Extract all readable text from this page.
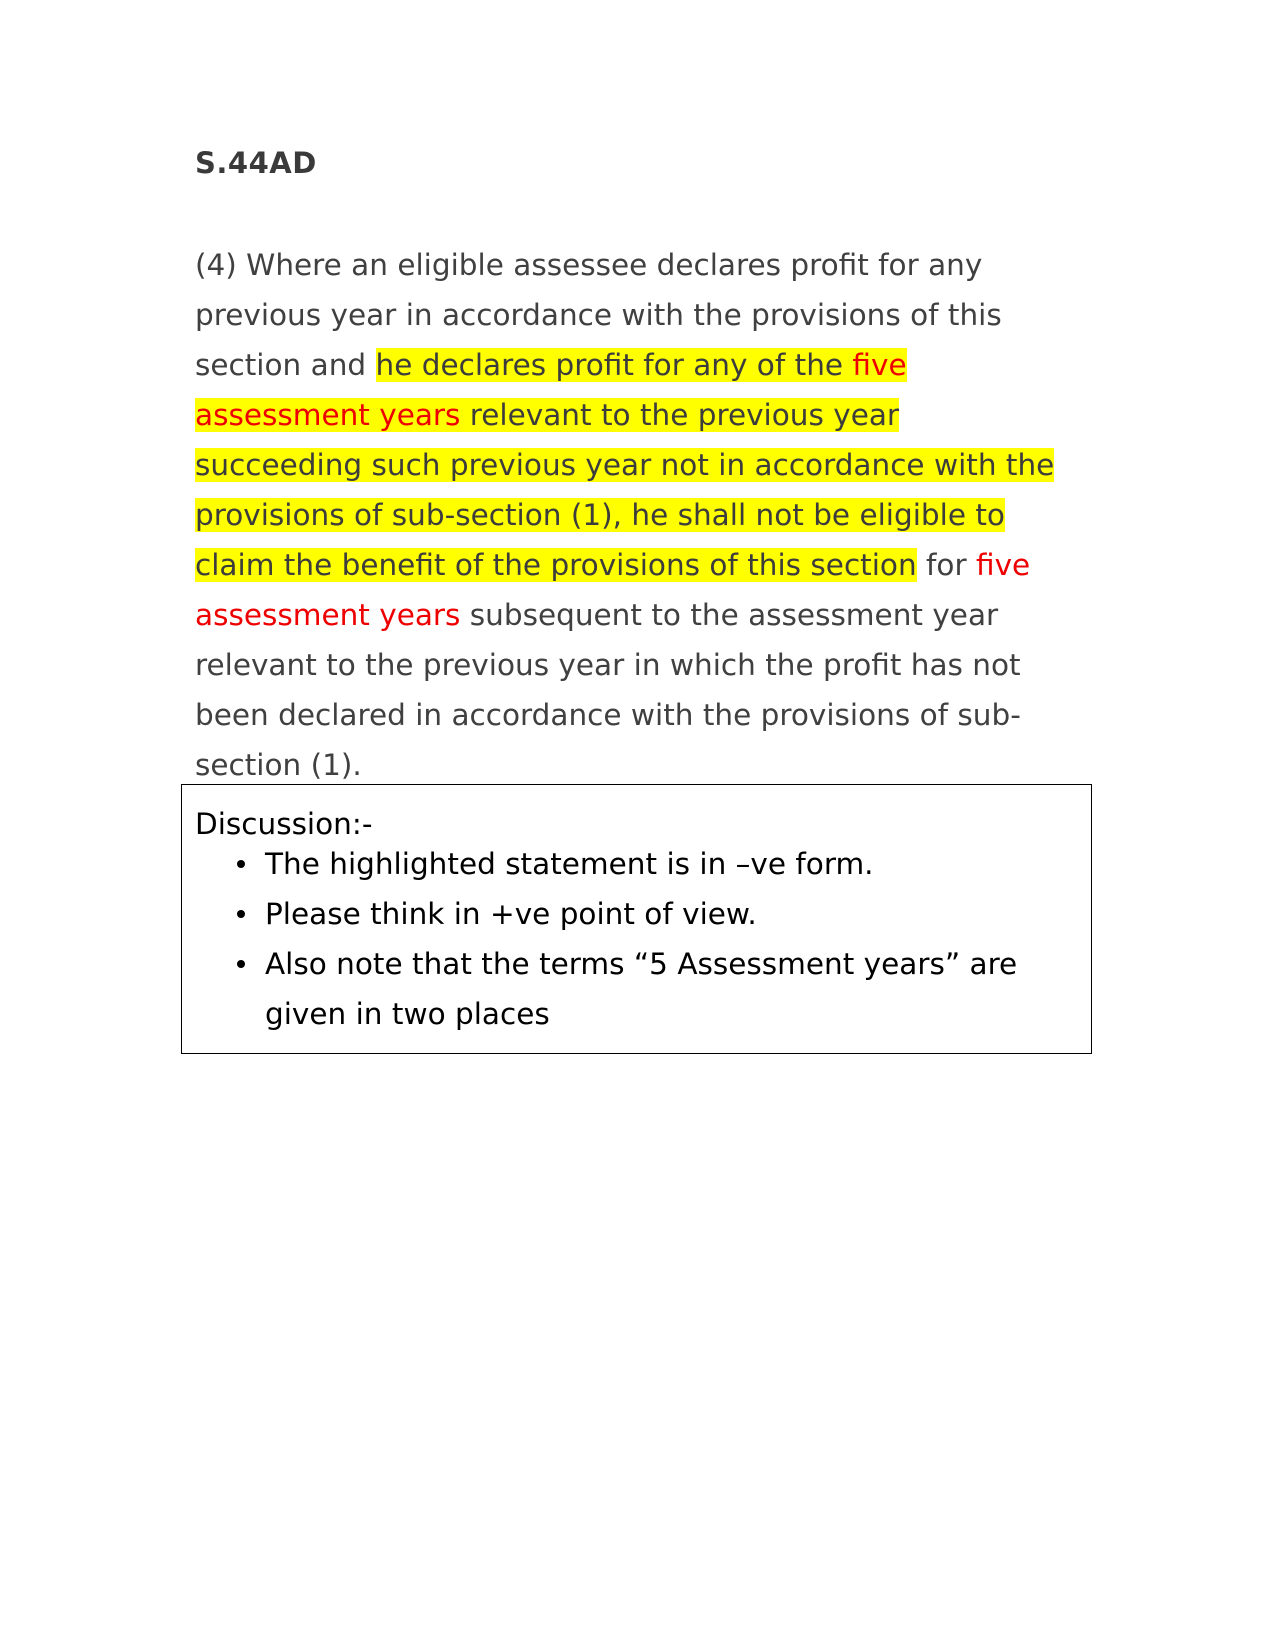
S.44AD

(4) Where an eligible assessee declares profit for any previous year in accordance with the provisions of this section and he declares profit for any of the five assessment years relevant to the previous year succeeding such previous year not in accordance with the provisions of sub-section (1), he shall not be eligible to claim the benefit of the provisions of this section for five assessment years subsequent to the assessment year relevant to the previous year in which the profit has not been declared in accordance with the provisions of sub-section (1).

Discussion:-

The highlighted statement is in –ve form.
Please think in +ve point of view.
Also note that the terms “5 Assessment years” are given in two places
